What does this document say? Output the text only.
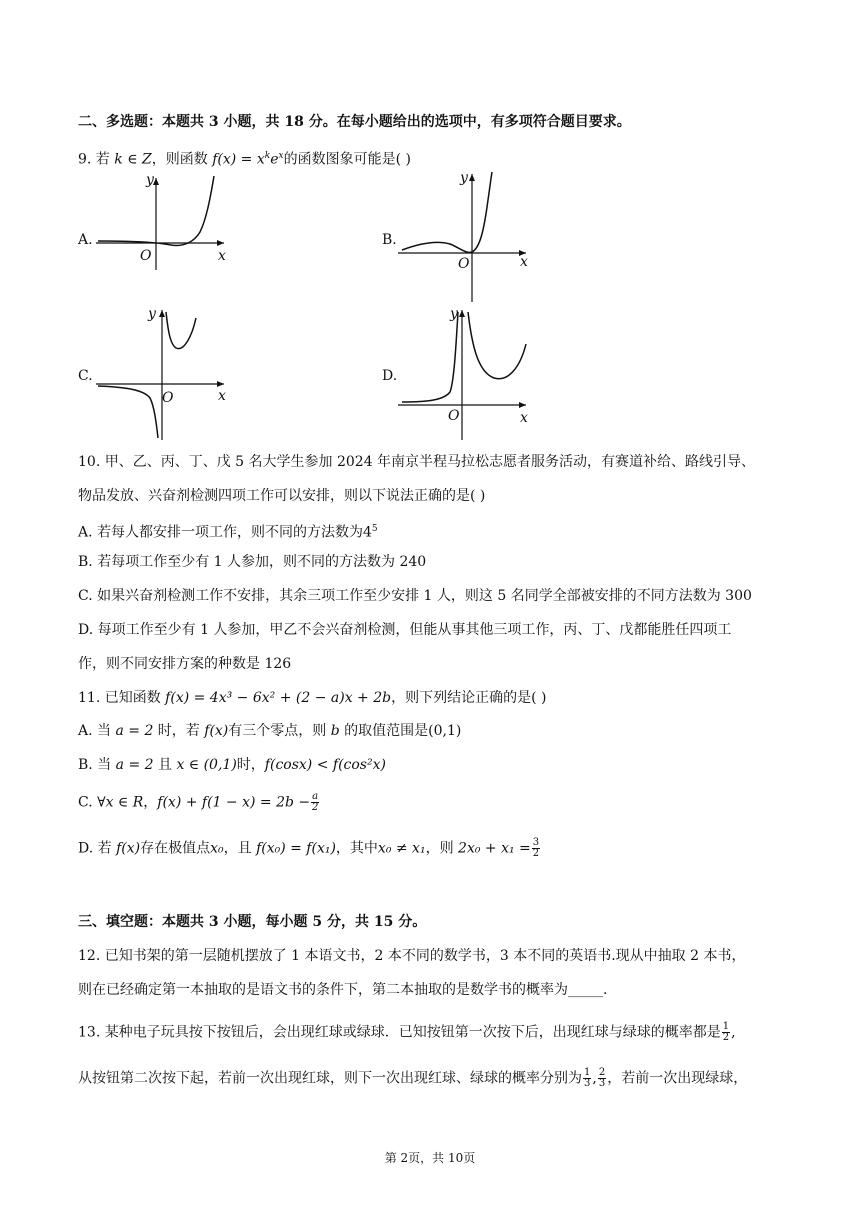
二、多选题：本题共 3 小题，共 18 分。在每小题给出的选项中，有多项符合题目要求。
9. 若 k ∈ Z，则函数 $f(x) = x^ke^x$的函数图象可能是( )
A.
y
x
O
B.
y
x
O
C.
y
x
O
D.
y
x
O
10. 甲、乙、丙、丁、戊 5 名大学生参加 2024 年南京半程马拉松志愿者服务活动，有赛道补给、路线引导、
物品发放、兴奋剂检测四项工作可以安排，则以下说法正确的是( )
A. 若每人都安排一项工作，则不同的方法数为$4^5$
B. 若每项工作至少有 1 人参加，则不同的方法数为 240
C. 如果兴奋剂检测工作不安排，其余三项工作至少安排 1 人，则这 5 名同学全部被安排的不同方法数为 300
D. 每项工作至少有 1 人参加，甲乙不会兴奋剂检测，但能从事其他三项工作，丙、丁、戊都能胜任四项工
作，则不同安排方案的种数是 126
11. 已知函数 f(x) = 4x³ − 6x² + (2 − a)x + 2b，则下列结论正确的是( )
A. 当 a = 2 时，若 f(x)有三个零点，则 b 的取值范围是(0,1)
B. 当 a = 2 且 x ∈ (0,1)时，f(cosx) < f(cos²x)
C. ∀x ∈ R，$f(x) + f(1 - x) = 2b - \frac{a}{2}$
D. 若 f(x)存在极值点x₀，且 f(x₀) = f(x₁)，其中x₀ ≠ x₁，则 $2x_0 + x_1 = \frac{3}{2}$
三、填空题：本题共 3 小题，每小题 5 分，共 15 分。
12. 已知书架的第一层随机摆放了 1 本语文书，2 本不同的数学书，3 本不同的英语书.现从中抽取 2 本书，
则在已经确定第一本抽取的是语文书的条件下，第二本抽取的是数学书的概率为_____.
13. 某种电子玩具按下按钮后，会出现红球或绿球．已知按钮第一次按下后，出现红球与绿球的概率都是 $\frac{1}{2}$ ,
从按钮第二次按下起，若前一次出现红球，则下一次出现红球、绿球的概率分别为 $\frac{1}{3}$ , $\frac{2}{3}$ ，若前一次出现绿球，
第 2页，共 10页
